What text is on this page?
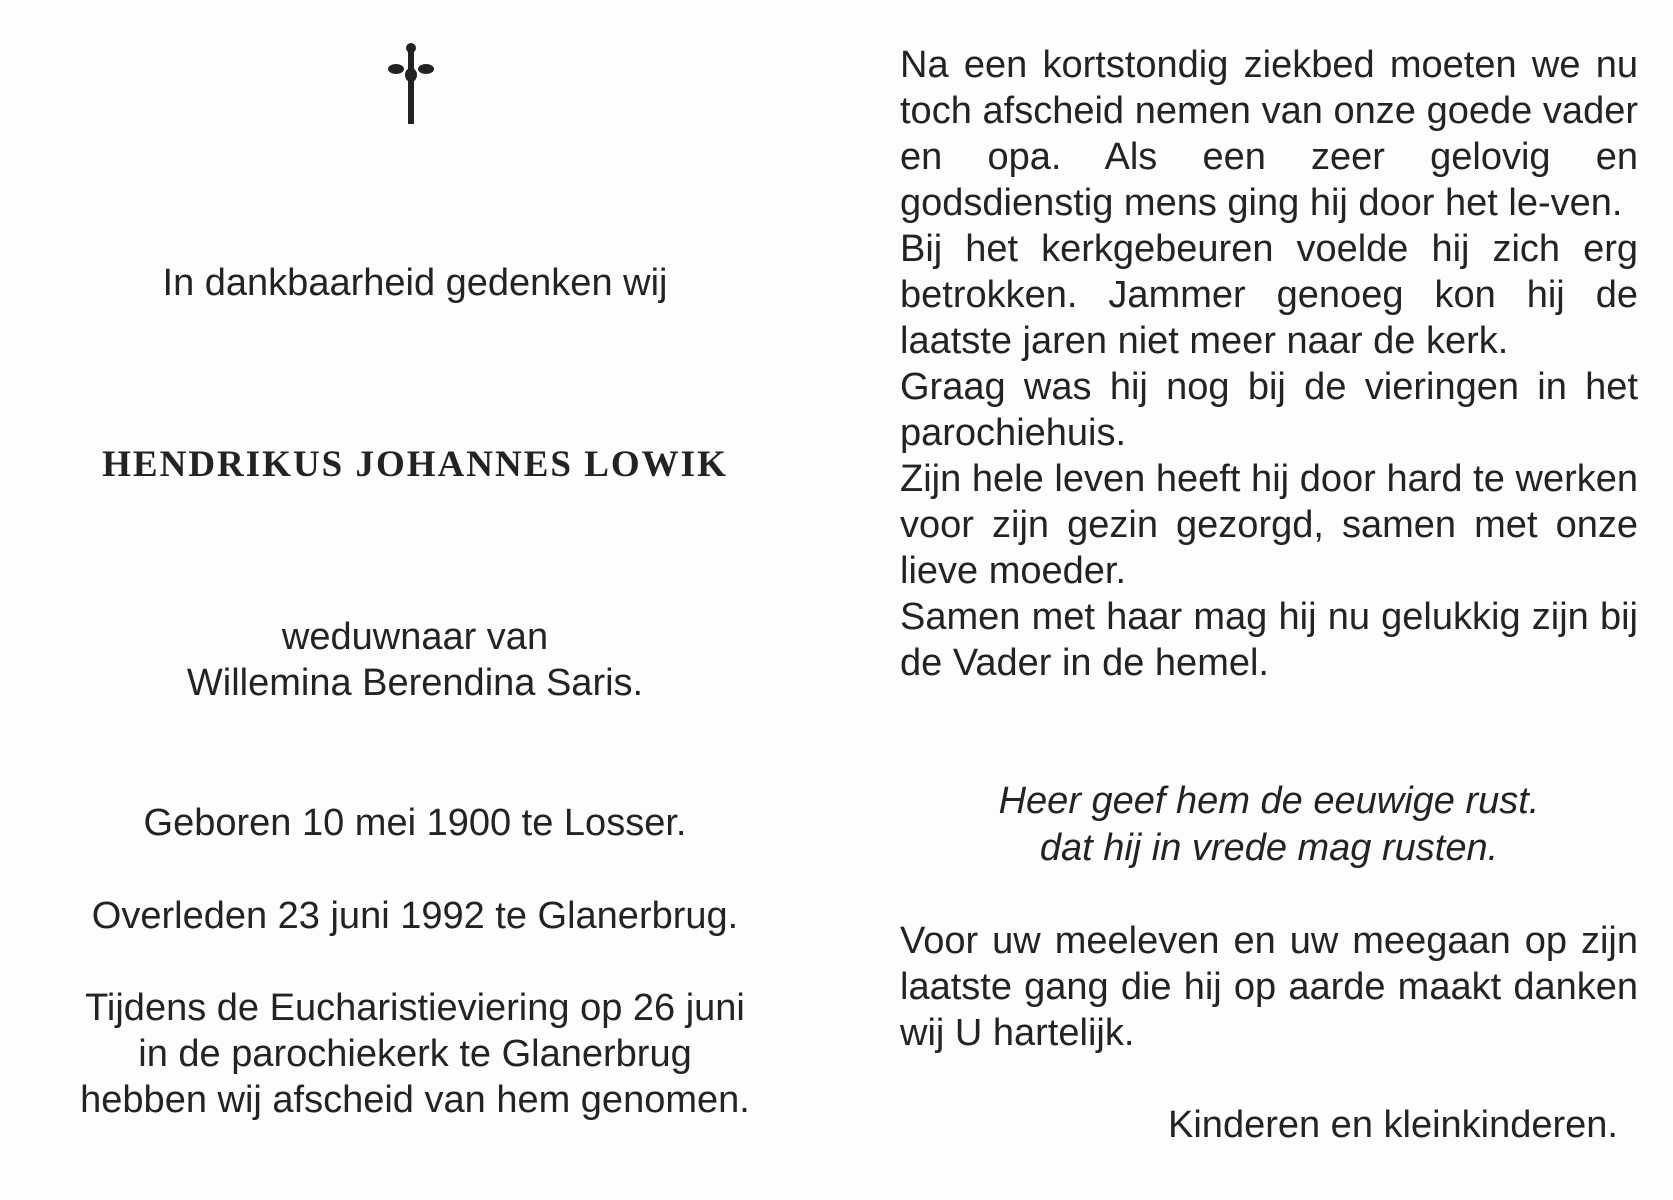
In dankbaarheid gedenken wij
HENDRIKUS JOHANNES LOWIK
weduwnaar van
Willemina Berendina Saris.
Geboren 10 mei 1900 te Losser.
Overleden 23 juni 1992 te Glanerbrug.
Tijdens de Eucharistieviering op 26 juni
in de parochiekerk te Glanerbrug
hebben wij afscheid van hem genomen.

Na een kortstondig ziekbed moeten we nu toch afscheid nemen van onze goede vader en opa. Als een zeer gelovig en godsdienstig mens ging hij door het le-ven.

Bij het kerkgebeuren voelde hij zich erg betrokken. Jammer genoeg kon hij de laatste jaren niet meer naar de kerk.

Graag was hij nog bij de vieringen in het parochiehuis.

Zijn hele leven heeft hij door hard te werken voor zijn gezin gezorgd, samen met onze lieve moeder.

Samen met haar mag hij nu gelukkig zijn bij de Vader in de hemel.

Heer geef hem de eeuwige rust.
dat hij in vrede mag rusten.
Voor uw meeleven en uw meegaan op zijn laatste gang die hij op aarde maakt danken wij U hartelijk.
Kinderen en kleinkinderen.
